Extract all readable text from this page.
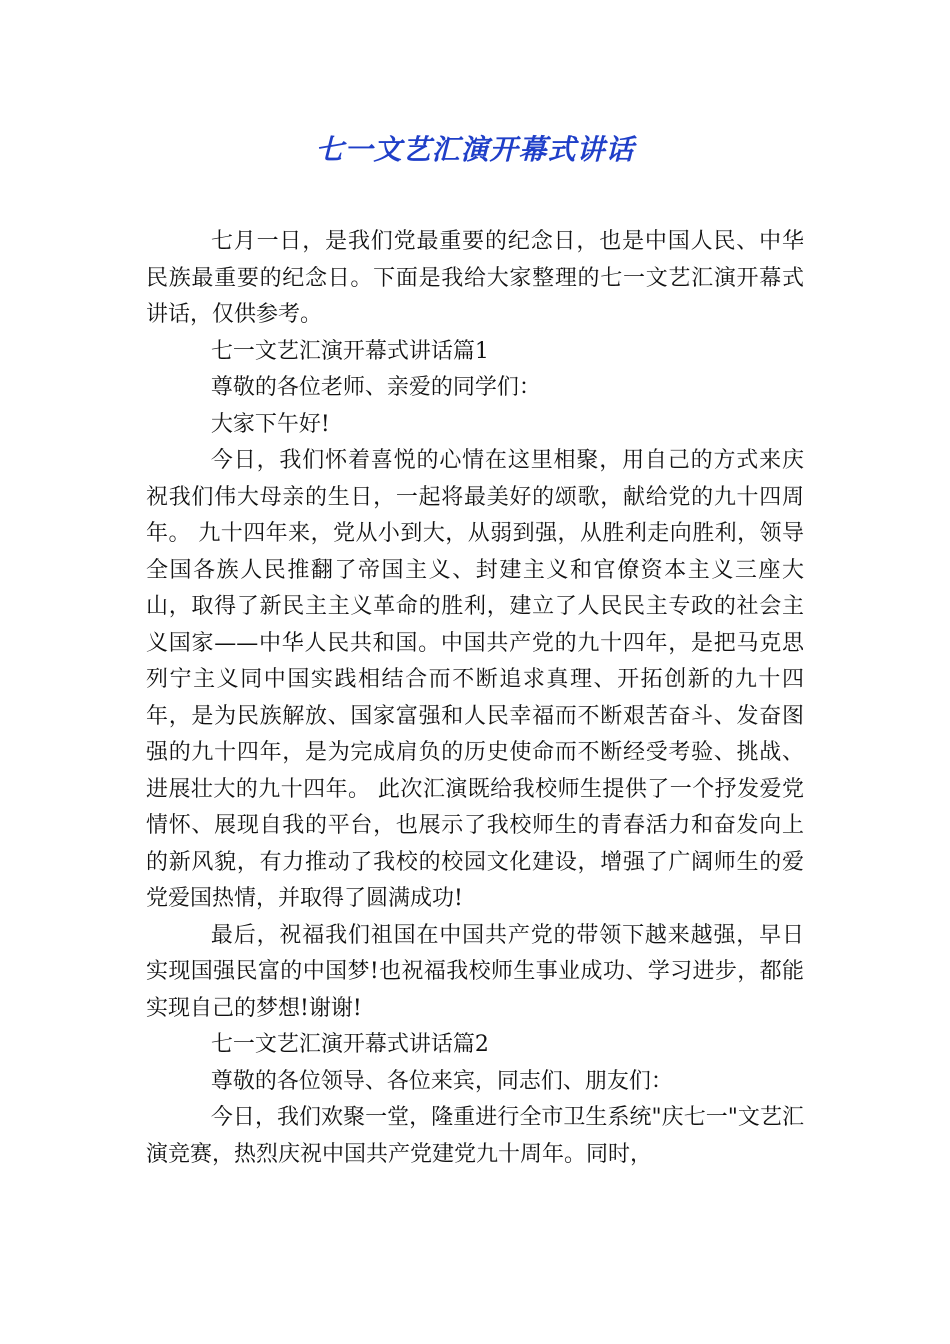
七一文艺汇演开幕式讲话

七月一日，是我们党最重要的纪念日，也是中国人民、中华民族最重要的纪念日。下面是我给大家整理的七一文艺汇演开幕式讲话，仅供参考。

七一文艺汇演开幕式讲话篇1

尊敬的各位老师、亲爱的同学们：

大家下午好!

今日，我们怀着喜悦的心情在这里相聚，用自己的方式来庆祝我们伟大母亲的生日，一起将最美好的颂歌，献给党的九十四周年。 九十四年来，党从小到大，从弱到强，从胜利走向胜利，领导全国各族人民推翻了帝国主义、封建主义和官僚资本主义三座大山，取得了新民主主义革命的胜利，建立了人民民主专政的社会主义国家——中华人民共和国。中国共产党的九十四年，是把马克思列宁主义同中国实践相结合而不断追求真理、开拓创新的九十四年，是为民族解放、国家富强和人民幸福而不断艰苦奋斗、发奋图强的九十四年，是为完成肩负的历史使命而不断经受考验、挑战、进展壮大的九十四年。 此次汇演既给我校师生提供了一个抒发爱党情怀、展现自我的平台，也展示了我校师生的青春活力和奋发向上的新风貌，有力推动了我校的校园文化建设，增强了广阔师生的爱党爱国热情，并取得了圆满成功!

最后，祝福我们祖国在中国共产党的带领下越来越强，早日实现国强民富的中国梦!也祝福我校师生事业成功、学习进步，都能实现自己的梦想!谢谢!

七一文艺汇演开幕式讲话篇2

尊敬的各位领导、各位来宾，同志们、朋友们：

今日，我们欢聚一堂，隆重进行全市卫生系统"庆七一"文艺汇演竞赛，热烈庆祝中国共产党建党九十周年。同时，
